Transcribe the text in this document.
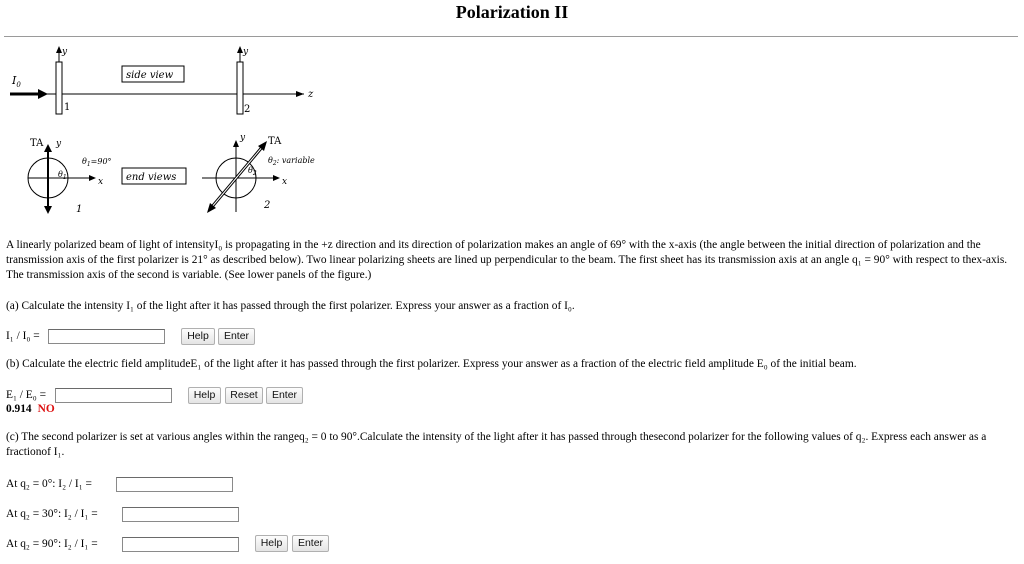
Polarization II
$I_0$
z
y
1
y
2
side view
x
TA y
$\theta_1=90^\circ$
$\theta_1$
1
end views	x
y TA
$\theta_2$
$\theta_2$: variable
2
A linearly polarized beam of light of intensityI₀ is propagating in the +z direction and its direction of polarization makes an angle of 69° with the x-axis (the angle between the initial direction of polarization and the transmission axis of the first polarizer is 21° as described below). Two linear polarizing sheets are lined up perpendicular to the beam. The first sheet has its transmission axis at an angle q₁ = 90° with respect to thex-axis. The transmission axis of the second is variable. (See lower panels of the figure.)
(a) Calculate the intensity I₁ of the light after it has passed through the first polarizer. Express your answer as a fraction of I₀.
I₁ / I₀ =	Help	Enter
(b) Calculate the electric field amplitudeE₁ of the light after it has passed through the first polarizer. Express your answer as a fraction of the electric field amplitude E₀ of the initial beam.
E₁ / E₀ =	Help	Reset	Enter
0.914 NO
(c) The second polarizer is set at various angles within the rangeq₂ = 0 to 90°.Calculate the intensity of the light after it has passed through thesecond polarizer for the following values of q₂. Express each answer as a fractionof I₁.
At q₂ = 0°: I₂ / I₁ =
At q₂ = 30°: I₂ / I₁ =
At q₂ = 90°: I₂ / I₁ =	Help	Enter
